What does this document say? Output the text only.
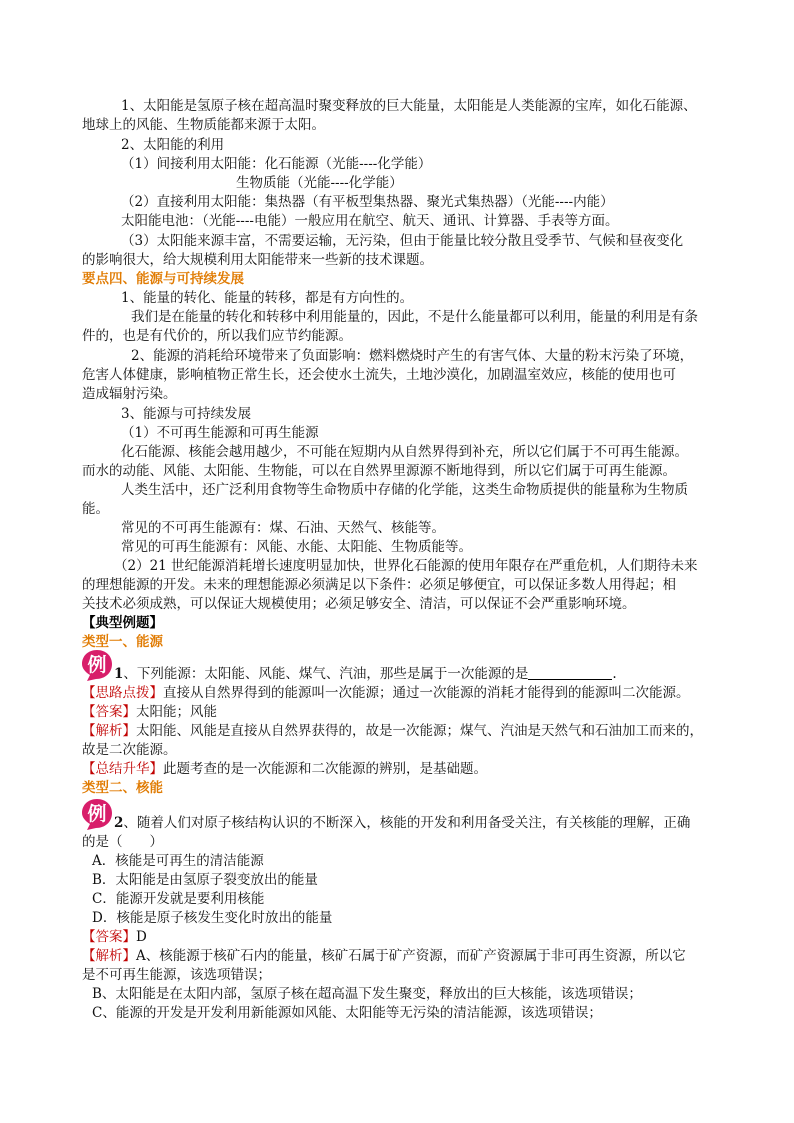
1、太阳能是氢原子核在超高温时聚变释放的巨大能量，太阳能是人类能源的宝库，如化石能源、
地球上的风能、生物质能都来源于太阳。
2、太阳能的利用
（1）间接利用太阳能：化石能源（光能----化学能）
生物质能（光能----化学能）
（2）直接利用太阳能：集热器（有平板型集热器、聚光式集热器）（光能----内能）
太阳能电池：（光能----电能）一般应用在航空、航天、通讯、计算器、手表等方面。
（3）太阳能来源丰富，不需要运输，无污染，但由于能量比较分散且受季节、气候和昼夜变化
的影响很大，给大规模利用太阳能带来一些新的技术课题。
要点四、能源与可持续发展
1、能量的转化、能量的转移，都是有方向性的。
我们是在能量的转化和转移中利用能量的，因此，不是什么能量都可以利用，能量的利用是有条
件的，也是有代价的，所以我们应节约能源。
2、能源的消耗给环境带来了负面影响：燃料燃烧时产生的有害气体、大量的粉末污染了环境，
危害人体健康，影响植物正常生长，还会使水土流失，土地沙漠化，加剧温室效应，核能的使用也可
造成辐射污染。
3、能源与可持续发展
（1）不可再生能源和可再生能源
化石能源、核能会越用越少，不可能在短期内从自然界得到补充，所以它们属于不可再生能源。
而水的动能、风能、太阳能、生物能，可以在自然界里源源不断地得到，所以它们属于可再生能源。
人类生活中，还广泛利用食物等生命物质中存储的化学能，这类生命物质提供的能量称为生物质
能。
常见的不可再生能源有：煤、石油、天然气、核能等。
常见的可再生能源有：风能、水能、太阳能、生物质能等。
（2）21 世纪能源消耗增长速度明显加快，世界化石能源的使用年限存在严重危机，人们期待未来
的理想能源的开发。未来的理想能源必须满足以下条件：必须足够便宜，可以保证多数人用得起；相
关技术必须成熟，可以保证大规模使用；必须足够安全、清洁，可以保证不会严重影响环境。
【典型例题】
类型一、能源
例 1、下列能源：太阳能、风能、煤气、汽油，那些是属于一次能源的是	.
【思路点拨】直接从自然界得到的能源叫一次能源；通过一次能源的消耗才能得到的能源叫二次能源。
【答案】太阳能；风能
【解析】太阳能、风能是直接从自然界获得的，故是一次能源；煤气、汽油是天然气和石油加工而来的，
故是二次能源。
【总结升华】此题考查的是一次能源和二次能源的辨别，是基础题。
类型二、核能
例 2、随着人们对原子核结构认识的不断深入，核能的开发和利用备受关注，有关核能的理解，正确
的是（　　）
A．核能是可再生的清洁能源
B．太阳能是由氢原子裂变放出的能量
C．能源开发就是要利用核能
D．核能是原子核发生变化时放出的能量
【答案】D
【解析】A、核能源于核矿石内的能量，核矿石属于矿产资源，而矿产资源属于非可再生资源，所以它
是不可再生能源，该选项错误；
B、太阳能是在太阳内部，氢原子核在超高温下发生聚变，释放出的巨大核能，该选项错误；
C、能源的开发是开发利用新能源如风能、太阳能等无污染的清洁能源，该选项错误；
